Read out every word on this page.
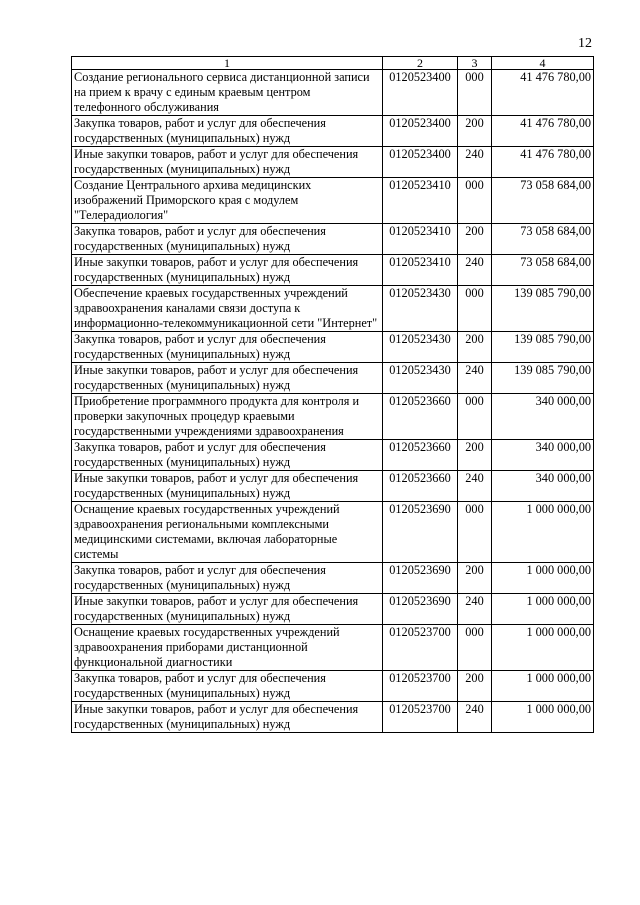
12
1	2	3	4
Создание регионального сервиса дистанционной записи на прием к врачу с единым краевым центром телефонного обслуживания	0120523400	000	41 476 780,00
Закупка товаров, работ и услуг для обеспечения государственных (муниципальных) нужд	0120523400	200	41 476 780,00
Иные закупки товаров, работ и услуг для обеспечения государственных (муниципальных) нужд	0120523400	240	41 476 780,00
Создание Центрального архива медицинских изображений Приморского края с модулем "Телерадиология"	0120523410	000	73 058 684,00
Закупка товаров, работ и услуг для обеспечения государственных (муниципальных) нужд	0120523410	200	73 058 684,00
Иные закупки товаров, работ и услуг для обеспечения государственных (муниципальных) нужд	0120523410	240	73 058 684,00
Обеспечение краевых государственных учреждений здравоохранения каналами связи доступа к информационно-телекоммуникационной сети "Интернет"	0120523430	000	139 085 790,00
Закупка товаров, работ и услуг для обеспечения государственных (муниципальных) нужд	0120523430	200	139 085 790,00
Иные закупки товаров, работ и услуг для обеспечения государственных (муниципальных) нужд	0120523430	240	139 085 790,00
Приобретение программного продукта для контроля и проверки закупочных процедур краевыми государственными учреждениями здравоохранения	0120523660	000	340 000,00
Закупка товаров, работ и услуг для обеспечения государственных (муниципальных) нужд	0120523660	200	340 000,00
Иные закупки товаров, работ и услуг для обеспечения государственных (муниципальных) нужд	0120523660	240	340 000,00
Оснащение краевых государственных учреждений здравоохранения региональными комплексными медицинскими системами, включая лабораторные системы	0120523690	000	1 000 000,00
Закупка товаров, работ и услуг для обеспечения государственных (муниципальных) нужд	0120523690	200	1 000 000,00
Иные закупки товаров, работ и услуг для обеспечения государственных (муниципальных) нужд	0120523690	240	1 000 000,00
Оснащение краевых государственных учреждений здравоохранения приборами дистанционной функциональной диагностики	0120523700	000	1 000 000,00
Закупка товаров, работ и услуг для обеспечения государственных (муниципальных) нужд	0120523700	200	1 000 000,00
Иные закупки товаров, работ и услуг для обеспечения государственных (муниципальных) нужд	0120523700	240	1 000 000,00
